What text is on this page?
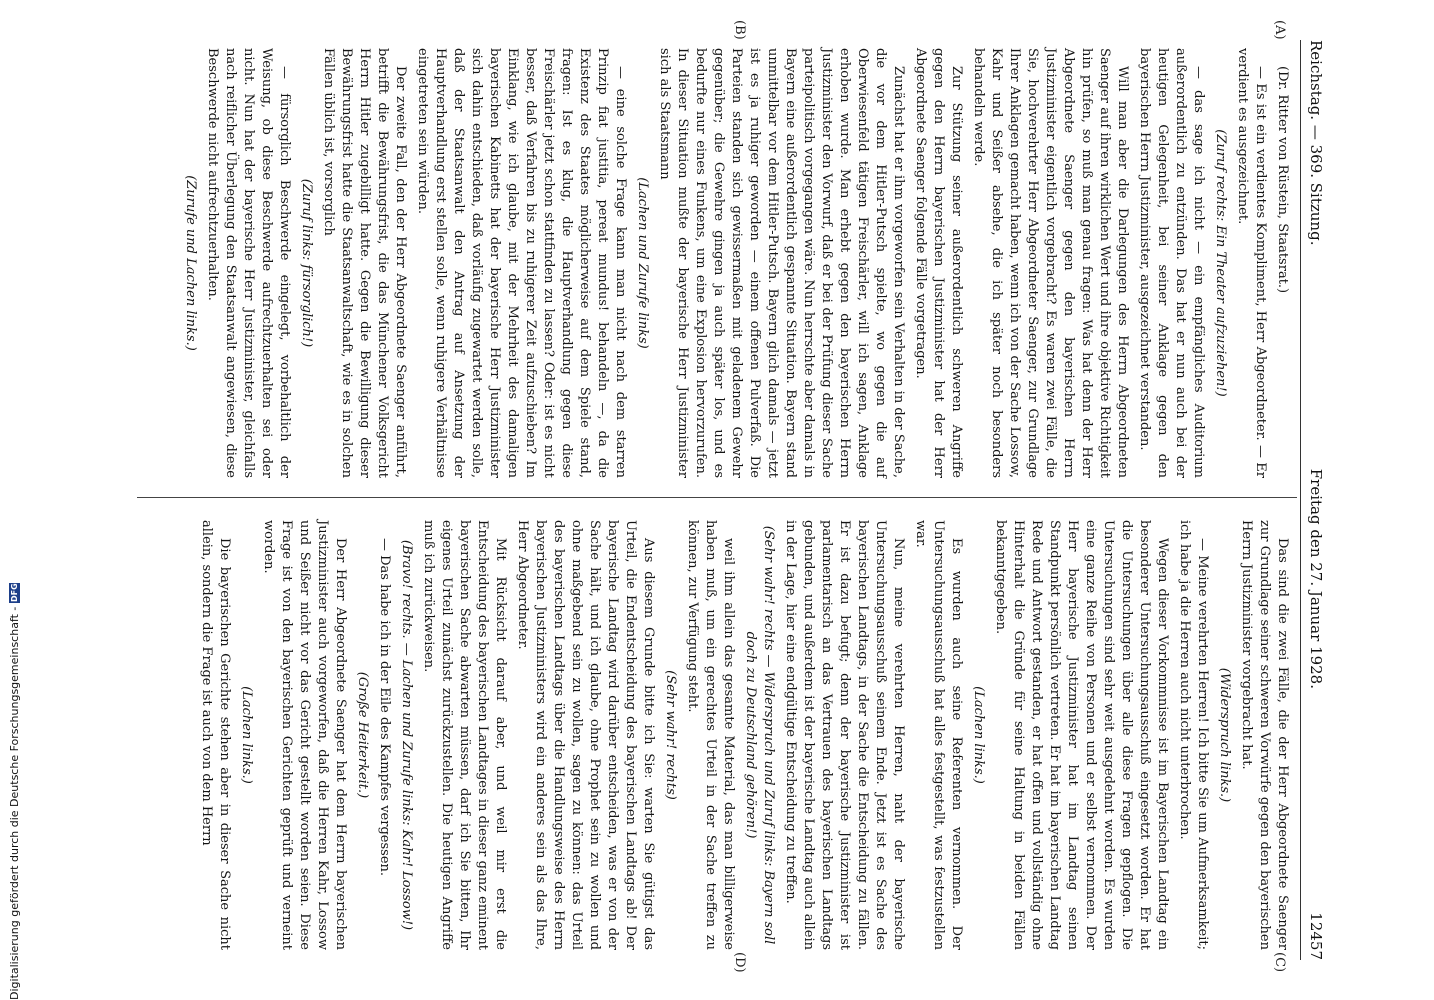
Reichstag. — 369. Sitzung.
Freitag den 27. Januar 1928.
12457
(A)
(B)
(C)
(D)

(Dr. Ritter von Rüstein, Staatsrat.)

— Es ist ein verdientes Kompliment, Herr Abgeordneter. — Er verdient es ausgezeichnet.

(Zuruf rechts: Ein Theater aufzuziehen!)

— das sage ich nicht — ein empfängliches Auditorium außerordentlich zu entzünden. Das hat er nun auch bei der heutigen Gelegenheit, bei seiner Anklage gegen den bayerischen Herrn Justizminister, ausgezeichnet verstanden.

Will man aber die Darlegungen des Herrn Abgeordneten Saenger auf ihren wirklichen Wert und ihre objektive Richtigkeit hin prüfen, so muß man genau fragen: Was hat denn der Herr Abgeordnete Saenger gegen den bayerischen Herrn Justizminister eigentlich vorgebracht? Es waren zwei Fälle, die Sie, hochverehrter Herr Abgeordneter Saenger, zur Grundlage Ihrer Anklagen gemacht haben, wenn ich von der Sache Lossow, Kahr und Seißer absehe, die ich später noch besonders behandeln werde.

Zur Stützung seiner außerordentlich schweren Angriffe gegen den Herrn bayerischen Justizminister hat der Herr Abgeordnete Saenger folgende Fälle vorgetragen.

Zunächst hat er ihm vorgeworfen sein Verhalten in der Sache, die vor dem Hitler-Putsch spielte, wo gegen die auf Oberwiesenfeld tätigen Freischärler, will ich sagen, Anklage erhoben wurde. Man erhebt gegen den bayerischen Herrn Justizminister den Vorwurf, daß er bei der Prüfung dieser Sache parteipolitisch vorgegangen wäre. Nun herrschte aber damals in Bayern eine außerordentlich gespannte Situation. Bayern stand unmittelbar vor dem Hitler-Putsch. Bayern glich damals — jetzt ist es ja ruhiger geworden — einem offenen Pulverfaß. Die Parteien standen sich gewissermaßen mit geladenem Gewehr gegenüber; die Gewehre gingen ja auch später los, und es bedurfte nur eines Funkens, um eine Explosion hervorzurufen. In dieser Situation mußte der bayerische Herr Justizminister sich als Staatsmann

(Lachen und Zurufe links)

— eine solche Frage kann man nicht nach dem starren Prinzip fiat justitia, pereat mundus! behandeln —, da die Existenz des Staates möglicherweise auf dem Spiele stand, fragen: Ist es klug, die Hauptverhandlung gegen diese Freischärler jetzt schon stattfinden zu lassen? Oder: ist es nicht besser, daß Verfahren bis zu ruhigerer Zeit aufzuschieben? Im Einklang, wie ich glaube, mit der Mehrheit des damaligen bayerischen Kabinetts hat der bayerische Herr Justizminister sich dahin entschieden, daß vorläufig zugewartet werden solle, daß der Staatsanwalt den Antrag auf Ansetzung der Hauptverhandlung erst stellen solle, wenn ruhigere Verhältnisse eingetreten sein würden.

Der zweite Fall, den der Herr Abgeordnete Saenger anführt, betrifft die Bewährungsfrist, die das Münchener Volksgericht Herrn Hitler zugebilligt hatte. Gegen die Bewilligung dieser Bewährungsfrist hatte die Staatsanwaltschaft, wie es in solchen Fällen üblich ist, vorsorglich

(Zuruf links: fürsorglich!)

— fürsorglich Beschwerde eingelegt, vorbehaltlich der Weisung, ob diese Beschwerde aufrechtzuerhalten sei oder nicht. Nun hat der bayerische Herr Justizminister, gleichfalls nach reiflicher Überlegung den Staatsanwalt angewiesen, diese Beschwerde nicht aufrechtzuerhalten.

(Zurufe und Lachen links.)

Das sind die zwei Fälle, die der Herr Abgeordnete Saenger zur Grundlage seiner schweren Vorwürfe gegen den bayerischen Herrn Justizminister vorgebracht hat.

(Widerspruch links.)

— Meine verehrten Herren! Ich bitte Sie um Aufmerksamkeit; ich habe ja die Herren auch nicht unterbrochen.

Wegen dieser Vorkommnisse ist im Bayerischen Landtag ein besonderer Untersuchungsausschuß eingesetzt worden. Er hat die Untersuchungen über alle diese Fragen gepflogen. Die Untersuchungen sind sehr weit ausgedehnt worden. Es wurden eine ganze Reihe von Personen und er selbst vernommen. Der Herr bayerische Justizminister hat im Landtag seinen Standpunkt persönlich vertreten. Er hat im bayerischen Landtag Rede und Antwort gestanden, er hat offen und vollständig ohne Hinterhalt die Gründe für seine Haltung in beiden Fällen bekanntgegeben.

(Lachen links.)

Es wurden auch seine Referenten vernommen. Der Untersuchungsausschuß hat alles festgestellt, was festzustellen war.

Nun, meine verehrten Herren, naht der bayerische Untersuchungsausschuß seinem Ende. Jetzt ist es Sache des bayerischen Landtags, in der Sache die Entscheidung zu fällen. Er ist dazu befugt; denn der bayerische Justizminister ist parlamentarisch an das Vertrauen des bayerischen Landtags gebunden, und außerdem ist der bayerische Landtag auch allein in der Lage, hier eine endgültige Entscheidung zu treffen.

(Sehr wahr! rechts — Widerspruch und Zuruf links: Bayern soll doch zu Deutschland gehören!)

weil ihm allein das gesamte Material, das man billigerweise haben muß, um ein gerechtes Urteil in der Sache treffen zu können, zur Verfügung steht.

(Sehr wahr! rechts)

Aus diesem Grunde bitte ich Sie: warten Sie gütigst das Urteil, die Endentscheidung des bayerischen Landtags ab! Der bayerische Landtag wird darüber entscheiden, was er von der Sache hält, und ich glaube, ohne Prophet sein zu wollen und ohne maßgebend sein zu wollen, sagen zu können: das Urteil des bayerischen Landtags über die Handlungsweise des Herrn bayerischen Justizministers wird ein anderes sein als das Ihre, Herr Abgeordneter.

Mit Rücksicht darauf aber, und weil mir erst die Entscheidung des bayerischen Landtages in dieser ganz eminent bayerischen Sache abwarten müssen, darf ich Sie bitten, Ihr eigenes Urteil zunächst zurückzustellen. Die heutigen Angriffe muß ich zurückweisen.

(Bravo! rechts. — Lachen und Zurufe links: Kahr! Lossow!)

— Das habe ich in der Eile des Kampfes vergessen.

(Große Heiterkeit.)

Der Herr Abgeordnete Saenger hat dem Herrn bayerischen Justizminister auch vorgeworfen, daß die Herren Kahr, Lossow und Seißer nicht vor das Gericht gestellt worden seien. Diese Frage ist von den bayerischen Gerichten geprüft und verneint worden.

(Lachen links.)

Die bayerischen Gerichte stehen aber in dieser Sache nicht allein, sondern die Frage ist auch von dem Herrn

Digitalisierung gefördert durch die Deutsche Forschungsgemeinschaft -
DFG
